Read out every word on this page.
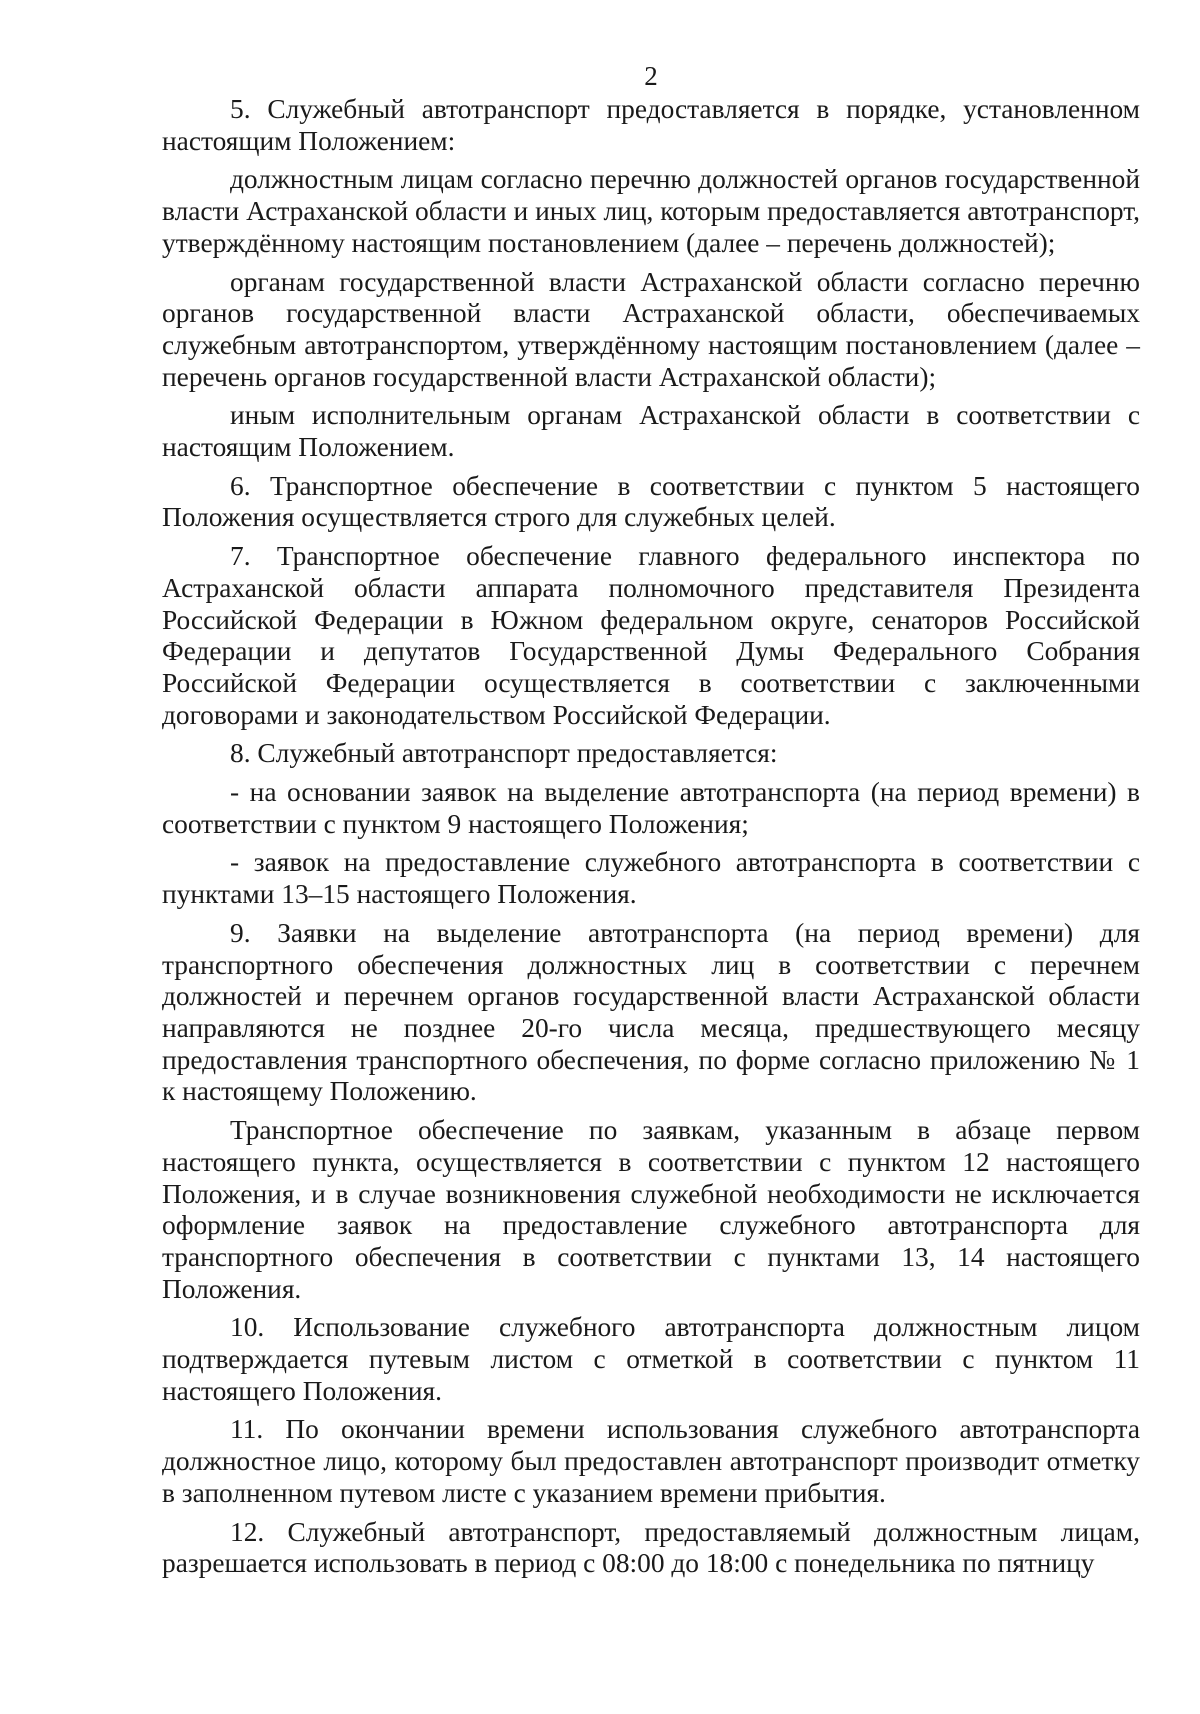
2

5. Служебный автотранспорт предоставляется в порядке, установленном настоящим Положением:

должностным лицам согласно перечню должностей органов государственной власти Астраханской области и иных лиц, которым предоставляется автотранспорт, утверждённому настоящим постановлением (далее – перечень должностей);

органам государственной власти Астраханской области согласно перечню органов государственной власти Астраханской области, обеспечиваемых служебным автотранспортом, утверждённому настоящим постановлением (далее – перечень органов государственной власти Астраханской области);

иным исполнительным органам Астраханской области в соответствии с настоящим Положением.

6. Транспортное обеспечение в соответствии с пунктом 5 настоящего Положения осуществляется строго для служебных целей.

7. Транспортное обеспечение главного федерального инспектора по Астраханской области аппарата полномочного представителя Президента Российской Федерации в Южном федеральном округе, сенаторов Российской Федерации и депутатов Государственной Думы Федерального Собрания Российской Федерации осуществляется в соответствии с заключенными договорами и законодательством Российской Федерации.

8. Служебный автотранспорт предоставляется:

- на основании заявок на выделение автотранспорта (на период времени) в соответствии с пунктом 9 настоящего Положения;

- заявок на предоставление служебного автотранспорта в соответствии с пунктами 13–15 настоящего Положения.

9. Заявки на выделение автотранспорта (на период времени) для транспортного обеспечения должностных лиц в соответствии с перечнем должностей и перечнем органов государственной власти Астраханской области направляются не позднее 20-го числа месяца, предшествующего месяцу предоставления транспортного обеспечения, по форме согласно приложению № 1 к настоящему Положению.

Транспортное обеспечение по заявкам, указанным в абзаце первом настоящего пункта, осуществляется в соответствии с пунктом 12 настоящего Положения, и в случае возникновения служебной необходимости не исключается оформление заявок на предоставление служебного автотранспорта для транспортного обеспечения в соответствии с пунктами 13, 14 настоящего Положения.

10. Использование служебного автотранспорта должностным лицом подтверждается путевым листом с отметкой в соответствии с пунктом 11 настоящего Положения.

11. По окончании времени использования служебного автотранспорта должностное лицо, которому был предоставлен автотранспорт производит отметку в заполненном путевом листе с указанием времени прибытия.

12. Служебный автотранспорт, предоставляемый должностным лицам, разрешается использовать в период с 08:00 до 18:00 с понедельника по пятницу
